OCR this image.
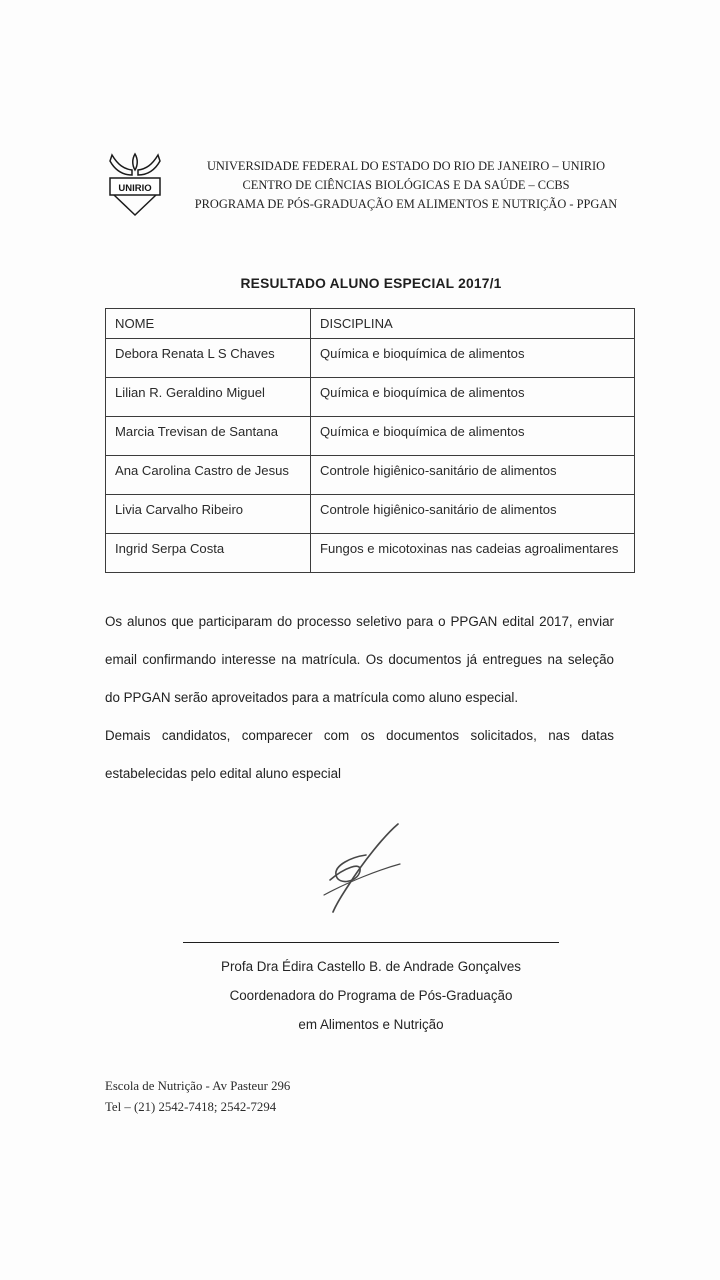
UNIRIO
UNIVERSIDADE FEDERAL DO ESTADO DO RIO DE JANEIRO – UNIRIO
CENTRO DE CIÊNCIAS BIOLÓGICAS E DA SAÚDE – CCBS
PROGRAMA DE PÓS-GRADUAÇÃO EM ALIMENTOS E NUTRIÇÃO - PPGAN
RESULTADO ALUNO ESPECIAL 2017/1
NOME	DISCIPLINA
Debora Renata L S Chaves	Química e bioquímica de alimentos
Lilian R. Geraldino Miguel	Química e bioquímica de alimentos
Marcia Trevisan de Santana	Química e bioquímica de alimentos
Ana Carolina Castro de Jesus	Controle higiênico-sanitário de alimentos
Livia Carvalho Ribeiro	Controle higiênico-sanitário de alimentos
Ingrid Serpa Costa	Fungos e micotoxinas nas cadeias agroalimentares

Os alunos que participaram do processo seletivo para o PPGAN edital 2017, enviar email confirmando interesse na matrícula. Os documentos já entregues na seleção do PPGAN serão aproveitados para a matrícula como aluno especial.

Demais candidatos, comparecer com os documentos solicitados, nas datas estabelecidas pelo edital aluno especial

Profa Dra Édira Castello B. de Andrade Gonçalves
Coordenadora do Programa de Pós-Graduação
em Alimentos e Nutrição
Escola de Nutrição - Av Pasteur 296
Tel – (21) 2542-7418; 2542-7294
